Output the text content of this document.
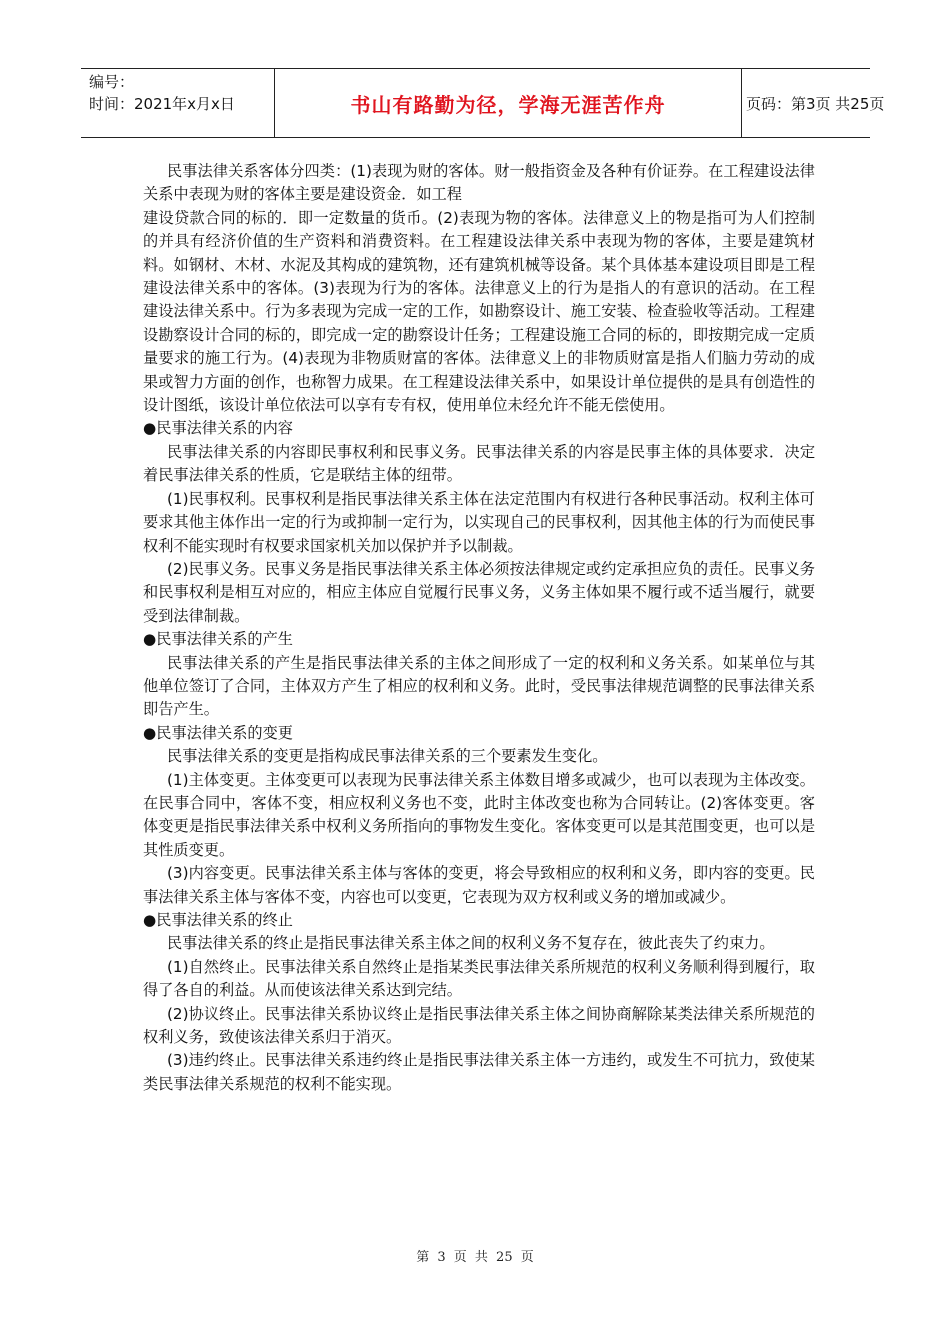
编号：
时间：2021年x月x日	书山有路勤为径，学海无涯苦作舟	页码：第3页 共25页

民事法律关系客体分四类：(1)表现为财的客体。财一般指资金及各种有价证券。在工程建设法律关系中表现为财的客体主要是建设资金．如工程

建设贷款合同的标的．即一定数量的货币。(2)表现为物的客体。法律意义上的物是指可为人们控制的并具有经济价值的生产资料和消费资料。在工程建设法律关系中表现为物的客体，主要是建筑材料。如钢材、木材、水泥及其构成的建筑物，还有建筑机械等设备。某个具体基本建设项目即是工程建设法律关系中的客体。(3)表现为行为的客体。法律意义上的行为是指人的有意识的活动。在工程建设法律关系中。行为多表现为完成一定的工作，如勘察设计、施工安装、检查验收等活动。工程建设勘察设计合同的标的，即完成一定的勘察设计任务；工程建设施工合同的标的，即按期完成一定质量要求的施工行为。(4)表现为非物质财富的客体。法律意义上的非物质财富是指人们脑力劳动的成果或智力方面的创作，也称智力成果。在工程建设法律关系中，如果设计单位提供的是具有创造性的设计图纸，该设计单位依法可以享有专有权，使用单位未经允许不能无偿使用。

●民事法律关系的内容

民事法律关系的内容即民事权利和民事义务。民事法律关系的内容是民事主体的具体要求．决定着民事法律关系的性质，它是联结主体的纽带。

(1)民事权利。民事权利是指民事法律关系主体在法定范围内有权进行各种民事活动。权利主体可要求其他主体作出一定的行为或抑制一定行为，以实现自己的民事权利，因其他主体的行为而使民事权利不能实现时有权要求国家机关加以保护并予以制裁。

(2)民事义务。民事义务是指民事法律关系主体必须按法律规定或约定承担应负的责任。民事义务和民事权利是相互对应的，相应主体应自觉履行民事义务，义务主体如果不履行或不适当履行，就要受到法律制裁。

●民事法律关系的产生

民事法律关系的产生是指民事法律关系的主体之间形成了一定的权利和义务关系。如某单位与其他单位签订了合同，主体双方产生了相应的权利和义务。此时，受民事法律规范调整的民事法律关系即告产生。

●民事法律关系的变更

民事法律关系的变更是指构成民事法律关系的三个要素发生变化。

(1)主体变更。主体变更可以表现为民事法律关系主体数目增多或减少，也可以表现为主体改变。在民事合同中，客体不变，相应权利义务也不变，此时主体改变也称为合同转让。(2)客体变更。客体变更是指民事法律关系中权利义务所指向的事物发生变化。客体变更可以是其范围变更，也可以是其性质变更。

(3)内容变更。民事法律关系主体与客体的变更，将会导致相应的权利和义务，即内容的变更。民事法律关系主体与客体不变，内容也可以变更，它表现为双方权利或义务的增加或减少。

●民事法律关系的终止

民事法律关系的终止是指民事法律关系主体之间的权利义务不复存在，彼此丧失了约束力。

(1)自然终止。民事法律关系自然终止是指某类民事法律关系所规范的权利义务顺利得到履行，取得了各自的利益。从而使该法律关系达到完结。

(2)协议终止。民事法律关系协议终止是指民事法律关系主体之间协商解除某类法律关系所规范的权利义务，致使该法律关系归于消灭。

(3)违约终止。民事法律关系违约终止是指民事法律关系主体一方违约，或发生不可抗力，致使某类民事法律关系规范的权利不能实现。

第 3 页 共 25 页
